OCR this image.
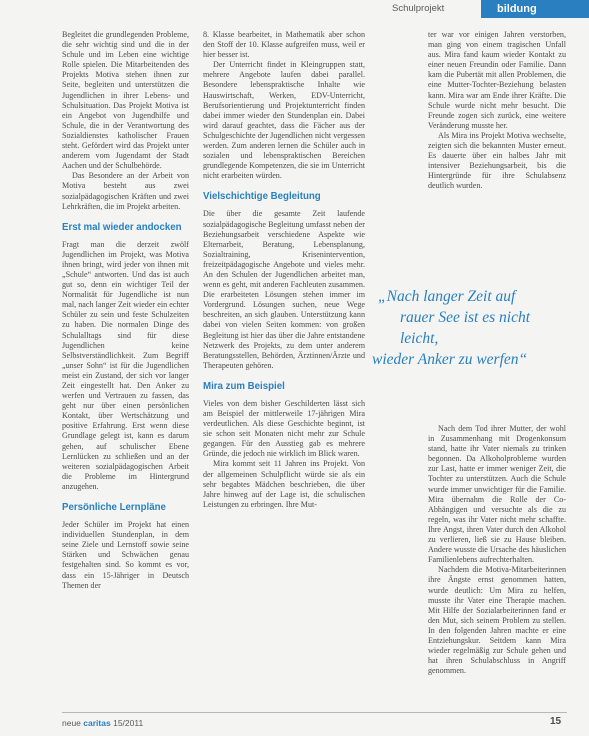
Schulprojekt	bildung

Begleitet die grundlegenden Probleme, die sehr wichtig sind und die in der Schule und im Leben eine wichtige Rolle spielen. Die Mitarbeitenden des Projekts Motiva stehen ihnen zur Seite, begleiten und unterstützen die Jugendlichen in ihrer Lebens- und Schulsituation. Das Projekt Motiva ist ein Angebot von Jugendhilfe und Schule, die in der Verantwortung des Sozialdienstes katholischer Frauen steht. Gefördert wird das Projekt unter anderem vom Jugendamt der Stadt Aachen und der Schulbehörde.

Das Besondere an der Arbeit von Motiva besteht aus zwei sozialpädagogischen Kräften und zwei Lehrkräften, die im Projekt arbeiten.

Erst mal wieder andocken

Fragt man die derzeit zwölf Jugendlichen im Projekt, was Motiva ihnen bringt, wird jeder von ihnen mit „Schule“ antworten. Und das ist auch gut so, denn ein wichtiger Teil der Normalität für Jugendliche ist nun mal, nach langer Zeit wieder ein echter Schüler zu sein und feste Schulzeiten zu haben. Die normalen Dinge des Schulalltags sind für diese Jugendlichen keine Selbstverständlichkeit. Zum Begriff „unser Sohn“ ist für die Jugendlichen meist ein Zustand, der sich vor langer Zeit eingestellt hat. Den Anker zu werfen und Vertrauen zu fassen, das geht nur über einen persönlichen Kontakt, über Wertschätzung und positive Erfahrung. Erst wenn diese Grundlage gelegt ist, kann es darum gehen, auf schulischer Ebene Lernlücken zu schließen und an der weiteren sozialpädagogischen Arbeit die Probleme im Hintergrund anzugehen.

Persönliche Lernpläne

Jeder Schüler im Projekt hat einen individuellen Stundenplan, in dem seine Ziele und Lernstoff sowie seine Stärken und Schwächen genau festgehalten sind. So kommt es vor, dass ein 15-Jähriger in Deutsch Themen der

8. Klasse bearbeitet, in Mathematik aber schon den Stoff der 10. Klasse aufgreifen muss, weil er hier besser ist.

Der Unterricht findet in Kleingruppen statt, mehrere Angebote laufen dabei parallel. Besondere lebenspraktische Inhalte wie Hauswirtschaft, Werken, EDV-Unterricht, Berufsorientierung und Projektunterricht finden dabei immer wieder den Stundenplan ein. Dabei wird darauf geachtet, dass die Fächer aus der Schulgeschichte der Jugendlichen nicht vergessen werden. Zum anderen lernen die Schüler auch in sozialen und lebenspraktischen Bereichen grundlegende Kompetenzen, die sie im Unterricht nicht erarbeiten würden.

Vielschichtige Begleitung

Die über die gesamte Zeit laufende sozialpädagogische Begleitung umfasst neben der Beziehungsarbeit verschiedene Aspekte wie Elternarbeit, Beratung, Lebensplanung, Sozialtraining, Krisenintervention, freizeitpädagogische Angebote und vieles mehr. An den Schulen der Jugendlichen arbeitet man, wenn es geht, mit anderen Fachleuten zusammen. Die erarbeiteten Lösungen stehen immer im Vordergrund. Lösungen suchen, neue Wege beschreiten, an sich glauben. Unterstützung kann dabei von vielen Seiten kommen: von großen Begleitung ist hier das über die Jahre entstandene Netzwerk des Projekts, zu dem unter anderem Beratungsstellen, Behörden, Ärztinnen/Ärzte und Therapeuten gehören.

Mira zum Beispiel

Vieles von dem bisher Geschilderten lässt sich am Beispiel der mittlerweile 17-jährigen Mira verdeutlichen. Als diese Geschichte beginnt, ist sie schon seit Monaten nicht mehr zur Schule gegangen. Für den Ausstieg gab es mehrere Gründe, die jedoch nie wirklich im Blick waren.

Mira kommt seit 11 Jahren ins Projekt. Von der allgemeinen Schulpflicht würde sie als ein sehr begabtes Mädchen beschrieben, die über Jahre hinweg auf der Lage ist, die schulischen Leistungen zu erbringen. Ihre Mut-

ter war vor einigen Jahren verstorben, man ging von einem tragischen Unfall aus. Mira fand kaum wieder Kontakt zu einer neuen Freundin oder Familie. Dann kam die Pubertät mit allen Problemen, die eine Mutter-Tochter-Beziehung belasten kann. Mira war am Ende ihrer Kräfte. Die Schule wurde nicht mehr besucht. Die Freunde zogen sich zurück, eine weitere Veränderung musste her.

Als Mira ins Projekt Motiva wechselte, zeigten sich die bekannten Muster erneut. Es dauerte über ein halbes Jahr mit intensiver Beziehungsarbeit, bis die Hintergründe für ihre Schulabsenz deutlich wurden.

„Nach langer Zeit auf
rauer See ist es nicht leicht,
wieder Anker zu werfen“

Nach dem Tod ihrer Mutter, der wohl in Zusammenhang mit Drogenkonsum stand, hatte ihr Vater niemals zu trinken begonnen. Da Alkoholprobleme wurden zur Last, hatte er immer weniger Zeit, die Tochter zu unterstützen. Auch die Schule wurde immer unwichtiger für die Familie. Mira übernahm die Rolle der Co-Abhängigen und versuchte als die zu regeln, was ihr Vater nicht mehr schaffte. Ihre Angst, ihren Vater durch den Alkohol zu verlieren, ließ sie zu Hause bleiben. Andere wusste die Ursache des häuslichen Familienlebens aufrechterhalten.

Nachdem die Motiva-Mitarbeiterinnen ihre Ängste ernst genommen hatten, wurde deutlich: Um Mira zu helfen, musste ihr Vater eine Therapie machen. Mit Hilfe der Sozialarbeiterinnen fand er den Mut, sich seinem Problem zu stellen. In den folgenden Jahren machte er eine Entziehungskur. Seitdem kann Mira wieder regelmäßig zur Schule gehen und hat ihren Schulabschluss in Angriff genommen.

neue caritas 15/2011	15
